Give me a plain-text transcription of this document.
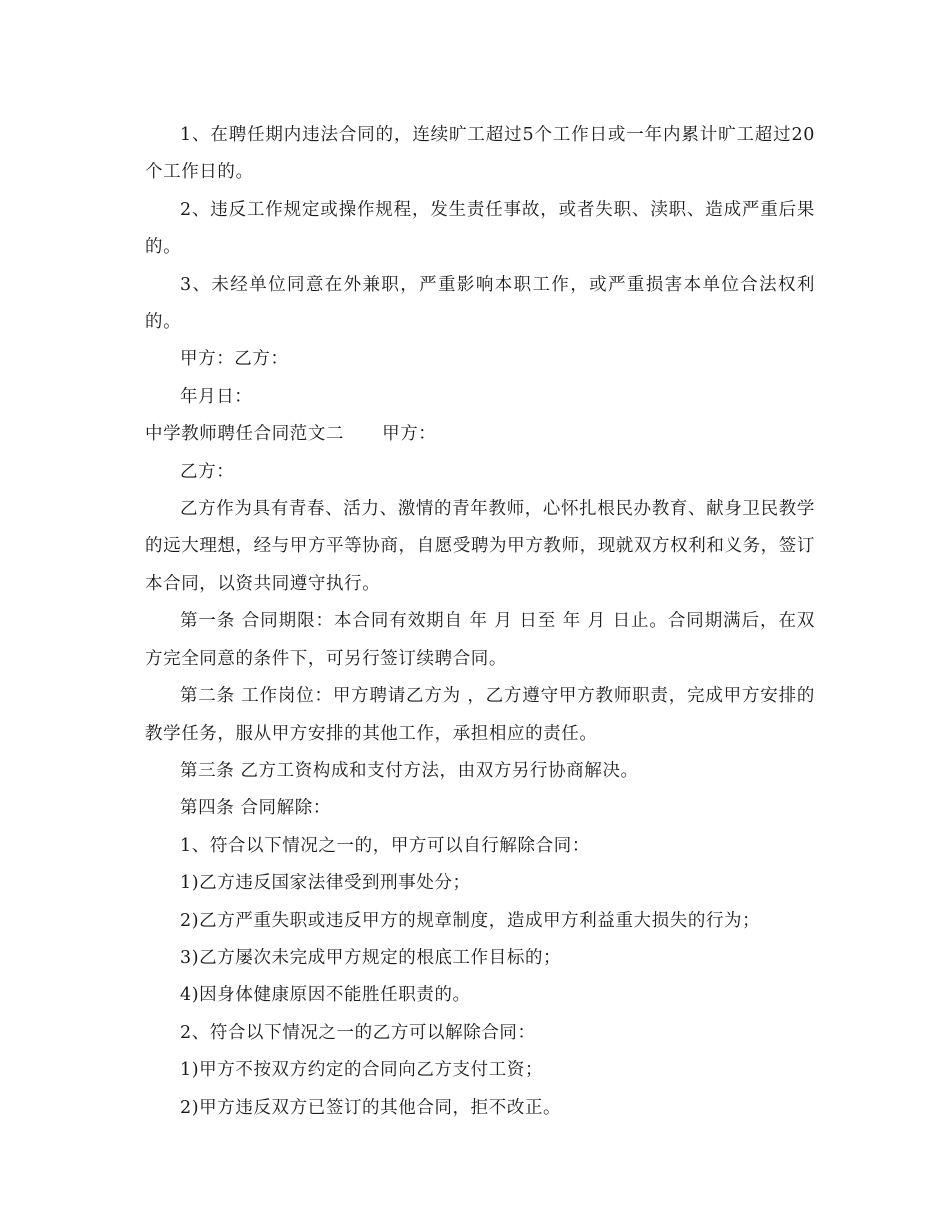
1、在聘任期内违法合同的，连续旷工超过5个工作日或一年内累计旷工超过20个工作日的。

2、违反工作规定或操作规程，发生责任事故，或者失职、渎职、造成严重后果的。

3、未经单位同意在外兼职，严重影响本职工作，或严重损害本单位合法权利的。

甲方：乙方：

年月日：

中学教师聘任合同范文二 甲方：

乙方：

乙方作为具有青春、活力、激情的青年教师，心怀扎根民办教育、献身卫民教学的远大理想，经与甲方平等协商，自愿受聘为甲方教师，现就双方权利和义务，签订本合同，以资共同遵守执行。

第一条 合同期限：本合同有效期自 年 月 日至 年 月 日止。合同期满后，在双方完全同意的条件下，可另行签订续聘合同。

第二条 工作岗位：甲方聘请乙方为 ，乙方遵守甲方教师职责，完成甲方安排的教学任务，服从甲方安排的其他工作，承担相应的责任。

第三条 乙方工资构成和支付方法，由双方另行协商解决。

第四条 合同解除：

1、符合以下情况之一的，甲方可以自行解除合同：

1)乙方违反国家法律受到刑事处分；

2)乙方严重失职或违反甲方的规章制度，造成甲方利益重大损失的行为；

3)乙方屡次未完成甲方规定的根底工作目标的；

4)因身体健康原因不能胜任职责的。

2、符合以下情况之一的乙方可以解除合同：

1)甲方不按双方约定的合同向乙方支付工资；

2)甲方违反双方已签订的其他合同，拒不改正。
